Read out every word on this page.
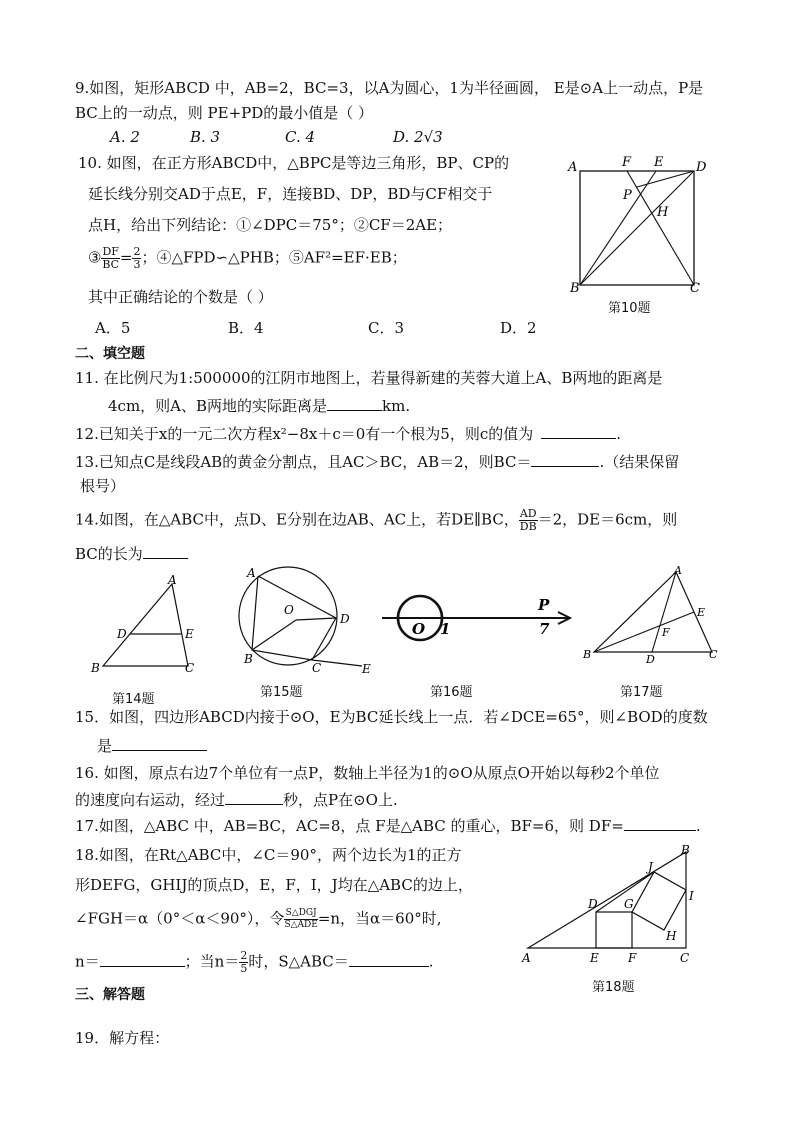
9.如图，矩形ABCD 中，AB=2，BC=3，以A为圆心，1为半径画圆， E是⊙A上一动点，P是
BC上的一动点，则 PE+PD的最小值是（ ）
A. 2	B. 3	C. 4	D. 2√3
10. 如图，在正方形ABCD中，△BPC是等边三角形，BP、CP的
延长线分别交AD于点E，F，连接BD、DP，BD与CF相交于
点H，给出下列结论：①∠DPC＝75°；②CF＝2AE；
③ $\frac{DF}{BC} = \frac{2}{3}$ ；④△FPD∽△PHB；⑤AF²=EF·EB；
其中正确结论的个数是（ ）
A．5	B．4	C．3	D．2
A	F E	D
P
H
B	C
第10题
二、填空题
11. 在比例尺为1:500000的江阴市地图上，若量得新建的芙蓉大道上A、B两地的距离是
4cm，则A、B两地的实际距离是	km.
12.已知关于x的一元二次方程x²−8x＋c＝0有一个根为5，则c的值为	.
13.已知点C是线段AB的黄金分割点，且AC＞BC，AB＝2，则BC＝	.（结果保留
根号）
14.如图，在△ABC中，点D、E分别在边AB、AC上，若DE∥BC， $\frac{AD}{DB} =2$，DE＝6cm，则
BC的长为
A
D	E
B	C
第14题
A
O
D
B
C	E
第15题
O 1
P
7
第16题
A
E
F
B	D	C
第17题
15．如图，四边形ABCD内接于⊙O，E为BC延长线上一点．若∠DCE=65°，则∠BOD的度数
是
16. 如图，原点右边7个单位有一点P，数轴上半径为1的⊙O从原点O开始以每秒2个单位
的速度向右运动，经过	秒，点P在⊙O上.
17.如图，△ABC 中，AB=BC，AC=8，点 F是△ABC 的重心，BF=6，则 DF=	.
18.如图，在Rt△ABC中，∠C＝90°，两个边长为1的正方
形DEFG，GHIJ的顶点D，E，F，I，J均在△ABC的边上，
∠FGH＝α（0°＜α＜90°），令 $\frac{\text{S△DGJ}}{\text{S△ADE}} =n$，当α＝60°时,
n＝	；当$n= \frac{2}{5}$ 时，S△ABC＝	.
B
J
I
D G
H
A	E F	C
第18题
三、解答题
19．解方程：
